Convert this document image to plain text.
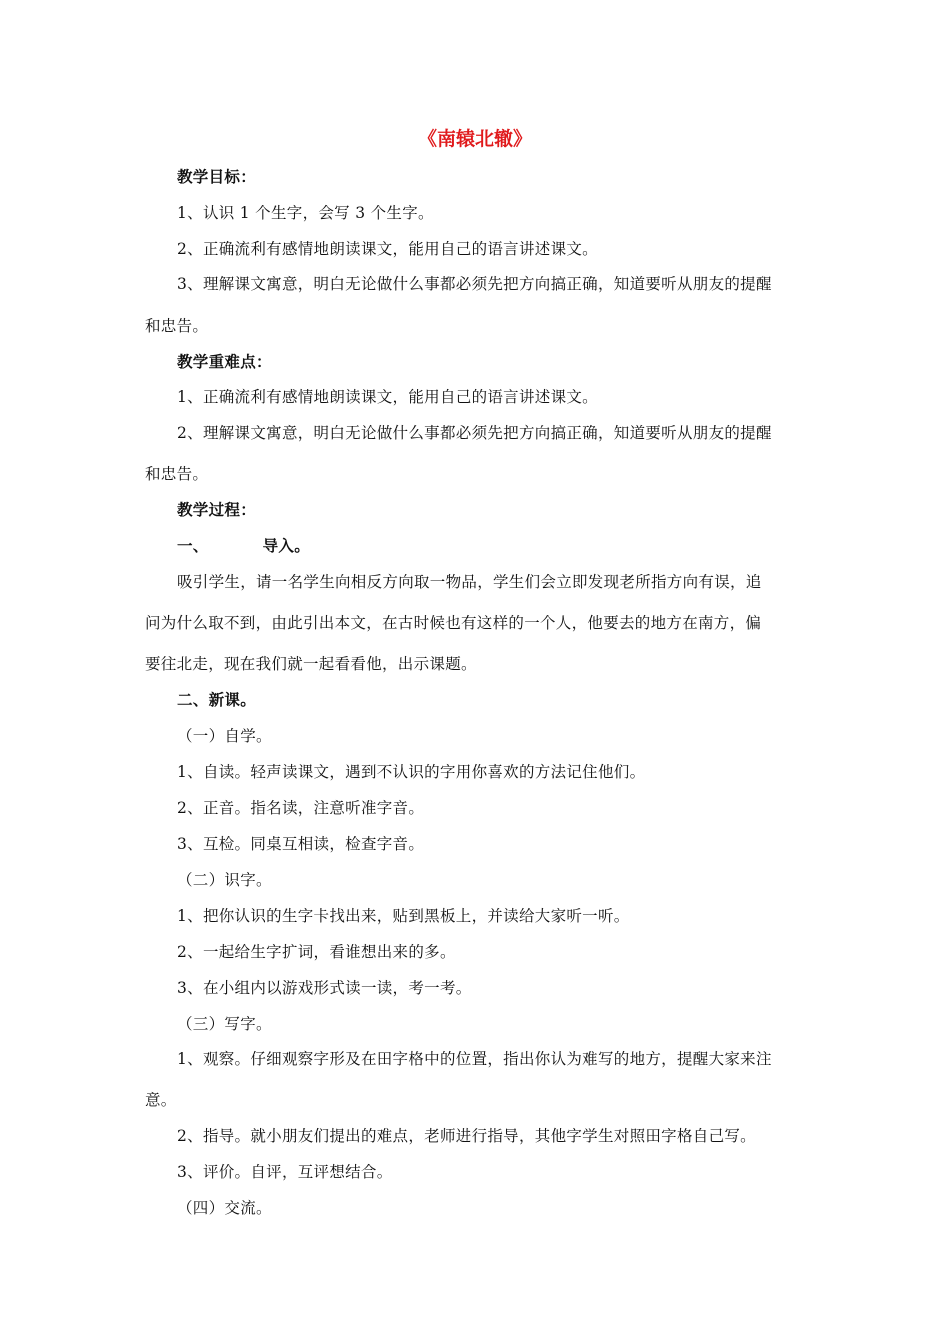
《南辕北辙》
教学目标：
1、认识 1 个生字，会写 3 个生字。
2、正确流利有感情地朗读课文，能用自己的语言讲述课文。
3、理解课文寓意，明白无论做什么事都必须先把方向搞正确，知道要听从朋友的提醒
和忠告。
教学重难点：
1、正确流利有感情地朗读课文，能用自己的语言讲述课文。
2、理解课文寓意，明白无论做什么事都必须先把方向搞正确，知道要听从朋友的提醒
和忠告。
教学过程：
一、	导入。
吸引学生，请一名学生向相反方向取一物品，学生们会立即发现老所指方向有误，追
问为什么取不到，由此引出本文，在古时候也有这样的一个人，他要去的地方在南方，偏
要往北走，现在我们就一起看看他，出示课题。
二、新课。
（一）自学。
1、自读。轻声读课文，遇到不认识的字用你喜欢的方法记住他们。
2、正音。指名读，注意听准字音。
3、互检。同桌互相读，检查字音。
（二）识字。
1、把你认识的生字卡找出来，贴到黑板上，并读给大家听一听。
2、一起给生字扩词，看谁想出来的多。
3、在小组内以游戏形式读一读，考一考。
（三）写字。
1、观察。仔细观察字形及在田字格中的位置，指出你认为难写的地方，提醒大家来注
意。
2、指导。就小朋友们提出的难点，老师进行指导，其他字学生对照田字格自己写。
3、评价。自评，互评想结合。
（四）交流。
